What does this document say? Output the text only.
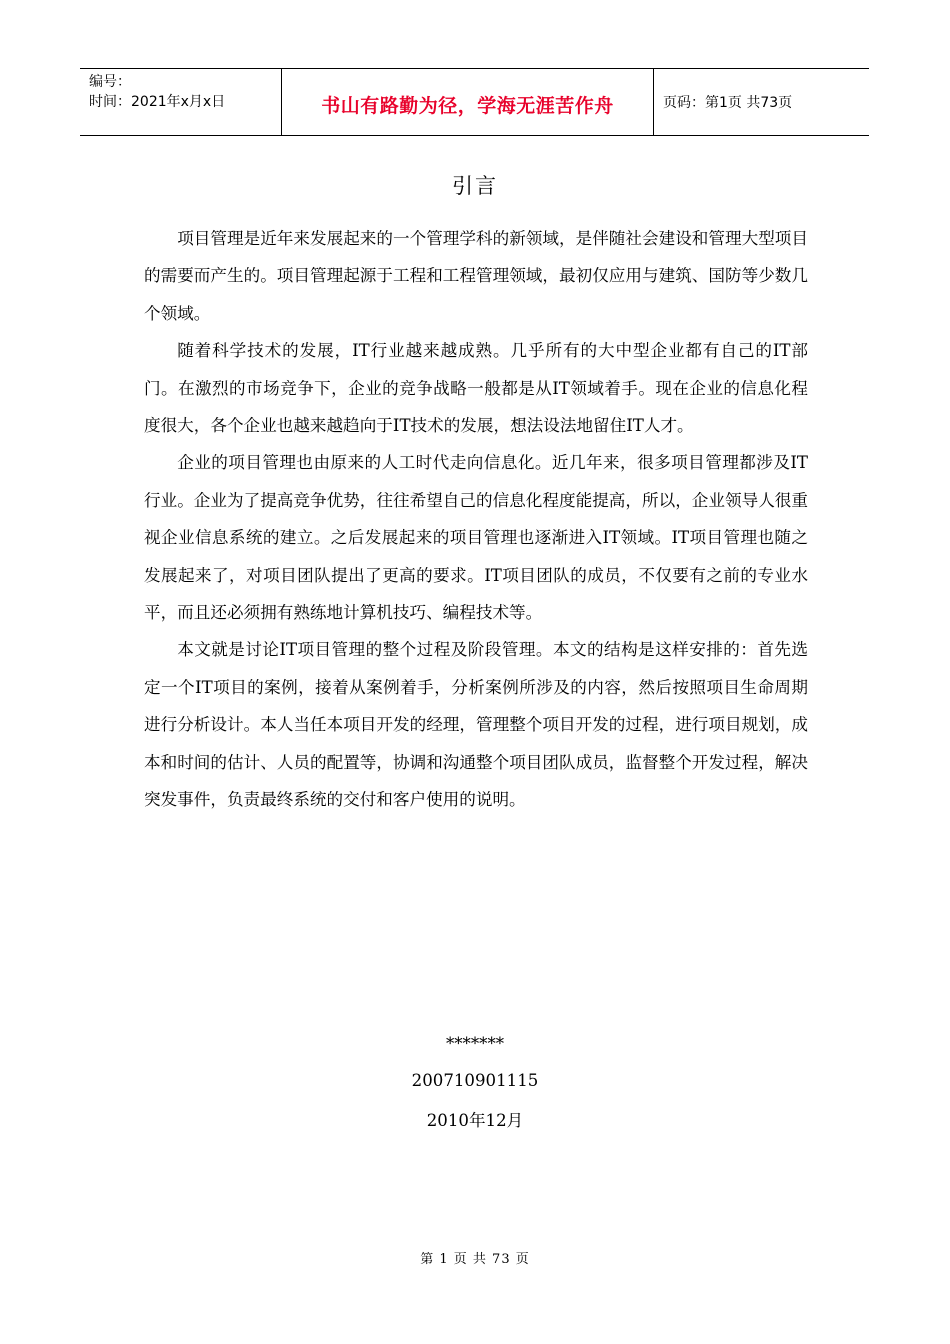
编号：
时间：2021年x月x日	书山有路勤为径，学海无涯苦作舟	页码：第1页 共73页
引言

项目管理是近年来发展起来的一个管理学科的新领域，是伴随社会建设和管理大型项目的需要而产生的。项目管理起源于工程和工程管理领域，最初仅应用与建筑、国防等少数几个领域。

随着科学技术的发展，IT行业越来越成熟。几乎所有的大中型企业都有自己的IT部门。在激烈的市场竞争下，企业的竞争战略一般都是从IT领域着手。现在企业的信息化程度很大，各个企业也越来越趋向于IT技术的发展，想法设法地留住IT人才。

企业的项目管理也由原来的人工时代走向信息化。近几年来，很多项目管理都涉及IT行业。企业为了提高竞争优势，往往希望自己的信息化程度能提高，所以，企业领导人很重视企业信息系统的建立。之后发展起来的项目管理也逐渐进入IT领域。IT项目管理也随之发展起来了，对项目团队提出了更高的要求。IT项目团队的成员，不仅要有之前的专业水平，而且还必须拥有熟练地计算机技巧、编程技术等。

本文就是讨论IT项目管理的整个过程及阶段管理。本文的结构是这样安排的：首先选定一个IT项目的案例，接着从案例着手，分析案例所涉及的内容，然后按照项目生命周期进行分析设计。本人当任本项目开发的经理，管理整个项目开发的过程，进行项目规划，成本和时间的估计、人员的配置等，协调和沟通整个项目团队成员，监督整个开发过程，解决突发事件，负责最终系统的交付和客户使用的说明。

*******
200710901115
2010年12月
第 1 页 共 73 页
